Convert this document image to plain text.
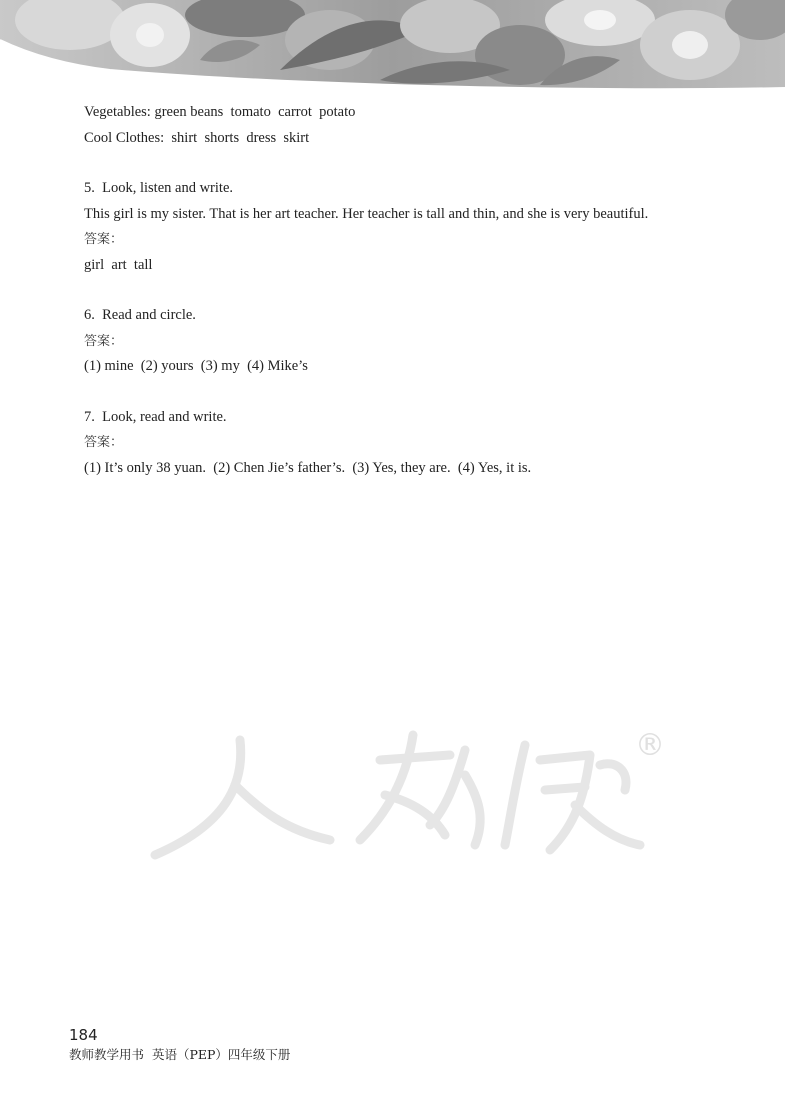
Vegetables: green beans  tomato  carrot  potato

Cool Clothes:  shirt  shorts  dress  skirt

5.  Look, listen and write.

This girl is my sister. That is her art teacher. Her teacher is tall and thin, and she is very beautiful.

答案：

girl  art  tall

6.  Read and circle.

答案：

(1) mine  (2) yours  (3) my  (4) Mike’s

7.  Look, read and write.

答案：

(1) It’s only 38 yuan.  (2) Chen Jie’s father’s.  (3) Yes, they are.  (4) Yes, it is.

®

184
教师教学用书  英语（PEP）四年级下册
